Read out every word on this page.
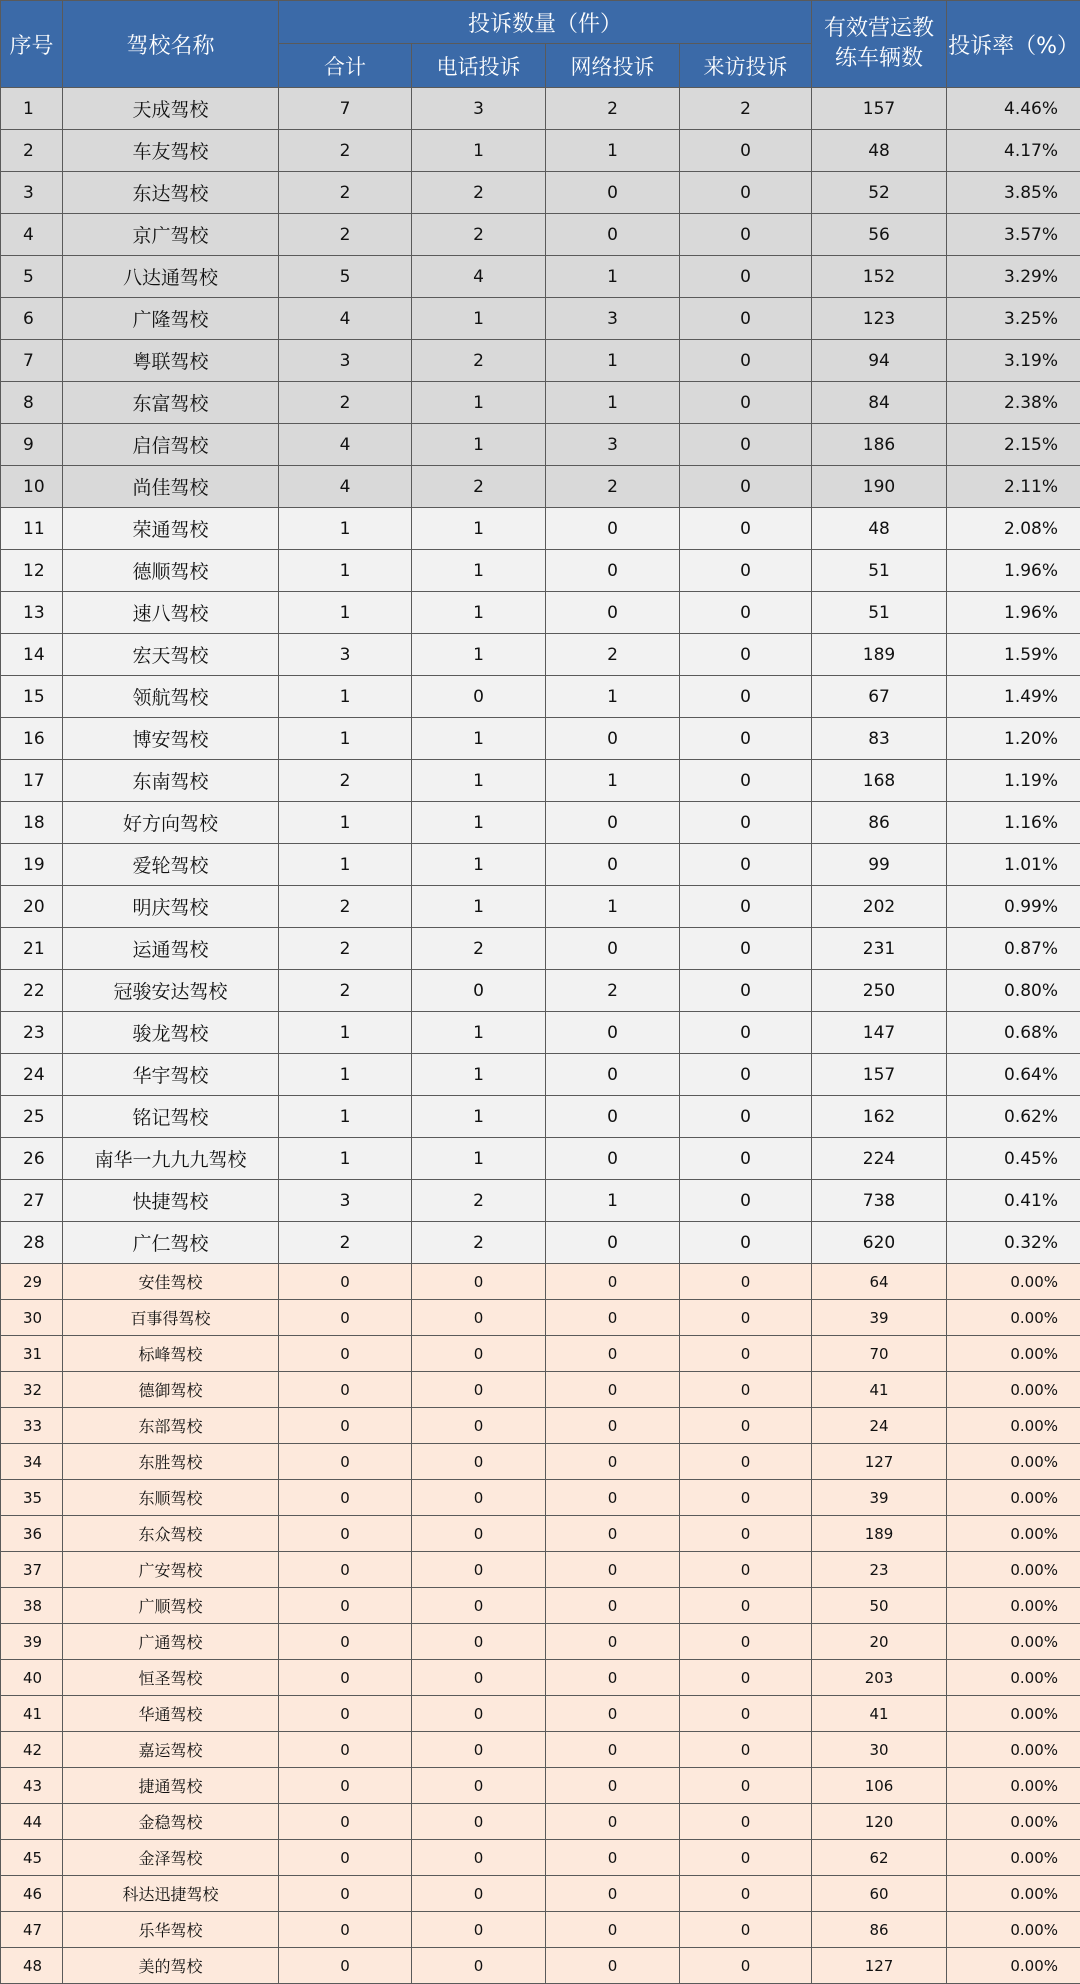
序号	驾校名称	投诉数量（件）				有效营运教练车辆数	投诉率（%）
		合计	电话投诉	网络投诉	来访投诉		
1	天成驾校	7	3	2	2	157	4.46%
2	车友驾校	2	1	1	0	48	4.17%
3	东达驾校	2	2	0	0	52	3.85%
4	京广驾校	2	2	0	0	56	3.57%
5	八达通驾校	5	4	1	0	152	3.29%
6	广隆驾校	4	1	3	0	123	3.25%
7	粤联驾校	3	2	1	0	94	3.19%
8	东富驾校	2	1	1	0	84	2.38%
9	启信驾校	4	1	3	0	186	2.15%
10	尚佳驾校	4	2	2	0	190	2.11%
11	荣通驾校	1	1	0	0	48	2.08%
12	德顺驾校	1	1	0	0	51	1.96%
13	速八驾校	1	1	0	0	51	1.96%
14	宏天驾校	3	1	2	0	189	1.59%
15	领航驾校	1	0	1	0	67	1.49%
16	博安驾校	1	1	0	0	83	1.20%
17	东南驾校	2	1	1	0	168	1.19%
18	好方向驾校	1	1	0	0	86	1.16%
19	爱轮驾校	1	1	0	0	99	1.01%
20	明庆驾校	2	1	1	0	202	0.99%
21	运通驾校	2	2	0	0	231	0.87%
22	冠骏安达驾校	2	0	2	0	250	0.80%
23	骏龙驾校	1	1	0	0	147	0.68%
24	华宇驾校	1	1	0	0	157	0.64%
25	铭记驾校	1	1	0	0	162	0.62%
26	南华一九九九驾校	1	1	0	0	224	0.45%
27	快捷驾校	3	2	1	0	738	0.41%
28	广仁驾校	2	2	0	0	620	0.32%
29	安佳驾校	0	0	0	0	64	0.00%
30	百事得驾校	0	0	0	0	39	0.00%
31	标峰驾校	0	0	0	0	70	0.00%
32	德御驾校	0	0	0	0	41	0.00%
33	东部驾校	0	0	0	0	24	0.00%
34	东胜驾校	0	0	0	0	127	0.00%
35	东顺驾校	0	0	0	0	39	0.00%
36	东众驾校	0	0	0	0	189	0.00%
37	广安驾校	0	0	0	0	23	0.00%
38	广顺驾校	0	0	0	0	50	0.00%
39	广通驾校	0	0	0	0	20	0.00%
40	恒圣驾校	0	0	0	0	203	0.00%
41	华通驾校	0	0	0	0	41	0.00%
42	嘉运驾校	0	0	0	0	30	0.00%
43	捷通驾校	0	0	0	0	106	0.00%
44	金稳驾校	0	0	0	0	120	0.00%
45	金泽驾校	0	0	0	0	62	0.00%
46	科达迅捷驾校	0	0	0	0	60	0.00%
47	乐华驾校	0	0	0	0	86	0.00%
48	美的驾校	0	0	0	0	127	0.00%
